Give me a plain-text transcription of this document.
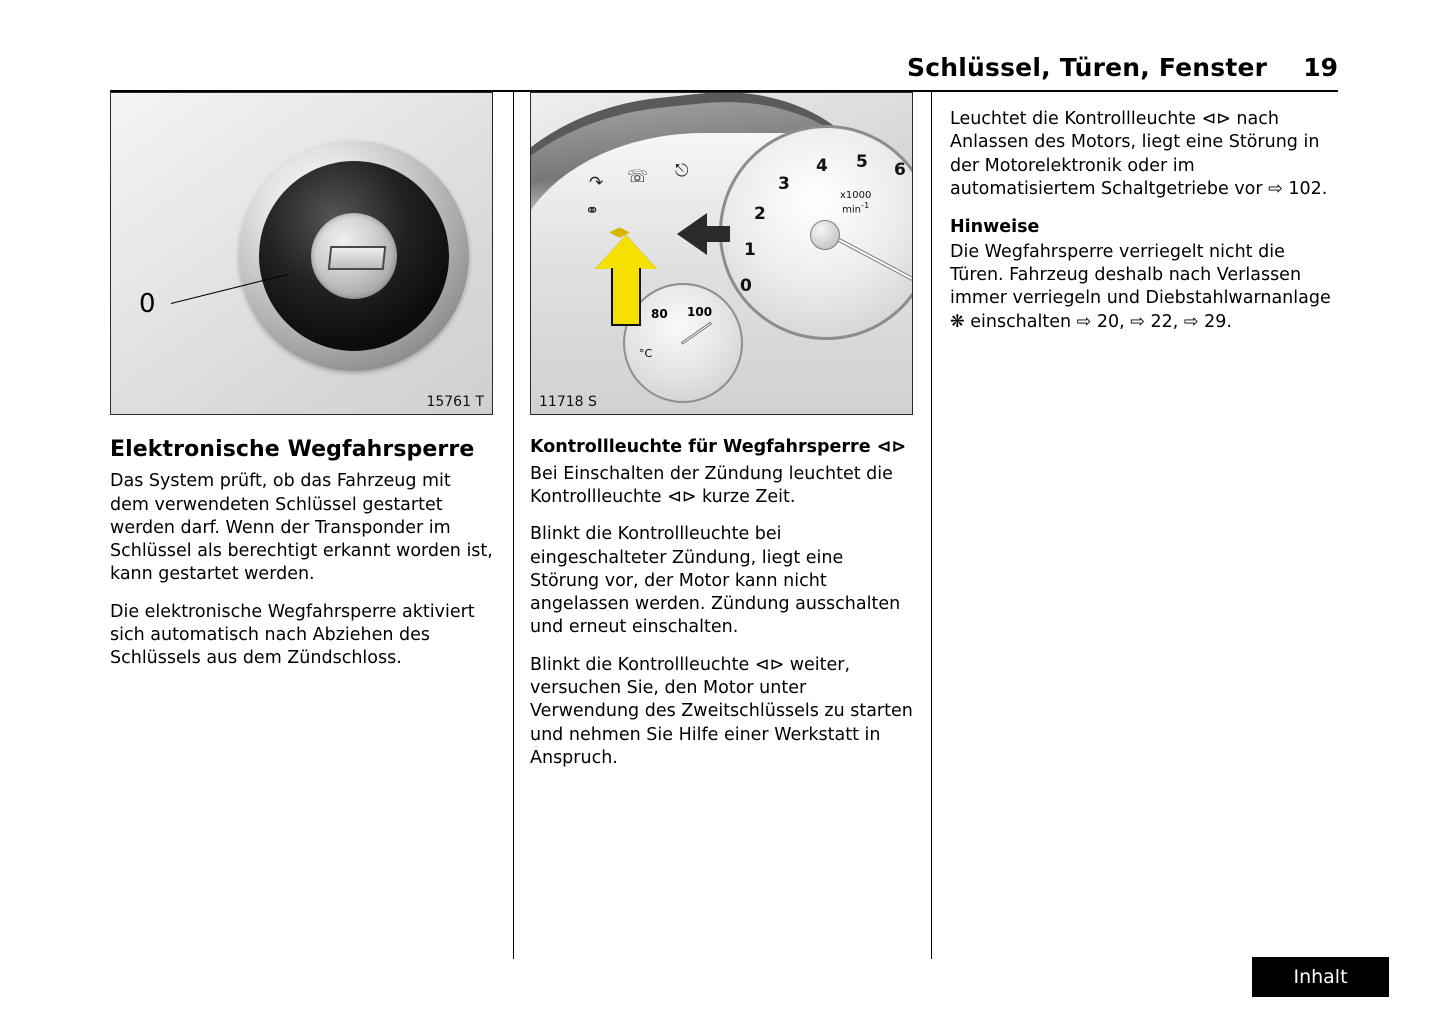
Schlüssel, Türen, Fenster 19
0
15761 T
Elektronische Wegfahrsperre

Das System prüft, ob das Fahrzeug mit dem verwendeten Schlüssel gestartet werden darf. Wenn der Transponder im Schlüssel als berechtigt erkannt worden ist, kann gestartet werden.

Die elektronische Wegfahrsperre aktiviert sich automatisch nach Abziehen des Schlüssels aus dem Zündschloss.

0
1
2
3
4 5 6
x1000
$\min^{-1}$
80 100
°C
↷ ☏ ⎋
⚭
◂▸
11718 S
Kontrollleuchte für Wegfahrsperre ⊲⊳

Bei Einschalten der Zündung leuchtet die Kontrollleuchte ⊲⊳ kurze Zeit.

Blinkt die Kontrollleuchte bei eingeschalteter Zündung, liegt eine Störung vor, der Motor kann nicht angelassen werden. Zündung ausschalten und erneut einschalten.

Blinkt die Kontrollleuchte ⊲⊳ weiter, versuchen Sie, den Motor unter Verwendung des Zweitschlüssels zu starten und nehmen Sie Hilfe einer Werkstatt in Anspruch.

Leuchtet die Kontrollleuchte ⊲⊳ nach Anlassen des Motors, liegt eine Störung in der Motorelektronik oder im automatisiertem Schaltgetriebe vor ⇨ 102.

Hinweise

Die Wegfahrsperre verriegelt nicht die Türen. Fahrzeug deshalb nach Verlassen immer verriegeln und Diebstahlwarnanlage ❋ einschalten ⇨ 20, ⇨ 22, ⇨ 29.

Inhalt
